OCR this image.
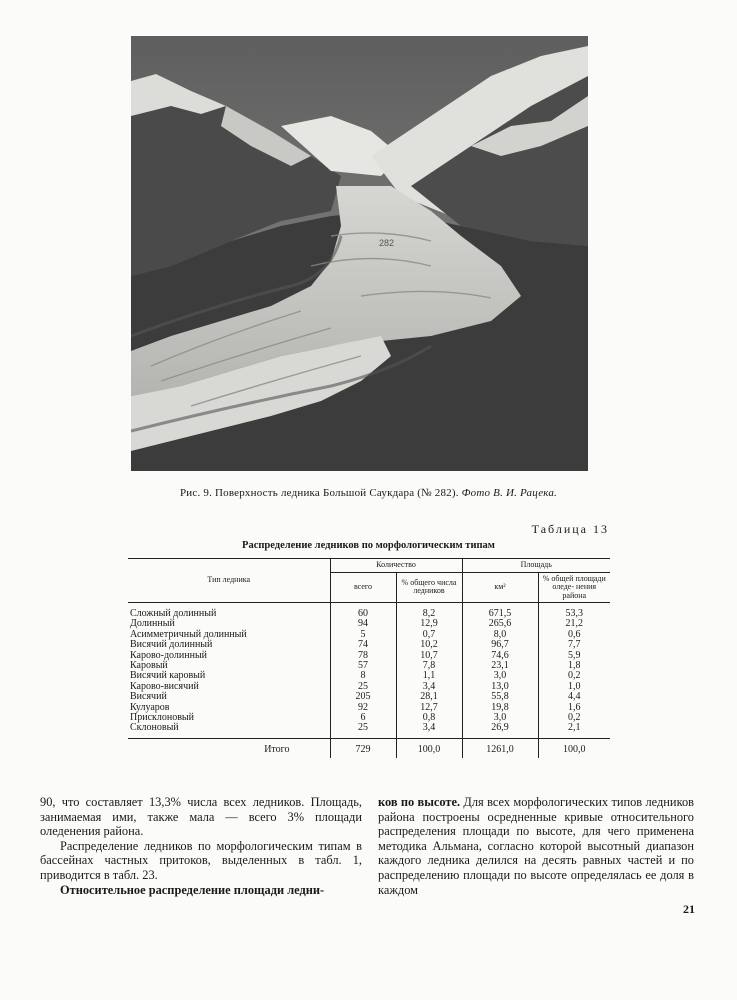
282
Рис. 9. Поверхность ледника Большой Саукдара (№ 282). Фото В. И. Рацека.
Таблица 13
Распределение ледников по морфологическим типам
Тип ледника	Количество		Площадь	
	всего	% общего числа ледников	км²	% общей площади оледе- нения района
Сложный долинный	60	8,2	671,5	53,3
Долинный	94	12,9	265,6	21,2
Асимметричный долинный	5	0,7	8,0	0,6
Висячий долинный	74	10,2	96,7	7,7
Карово-долинный	78	10,7	74,6	5,9
Каровый	57	7,8	23,1	1,8
Висячий каровый	8	1,1	3,0	0,2
Карово-висячий	25	3,4	13,0	1,0
Висячий	205	28,1	55,8	4,4
Кулуаров	92	12,7	19,8	1,6
Присклоновый	6	0,8	3,0	0,2
Склоновый	25	3,4	26,9	2,1
Итого	729	100,0	1261,0	100,0

90, что составляет 13,3% числа всех ледников. Площадь, занимаемая ими, также мала — всего 3% площади оледенения района.

Распределение ледников по морфологическим типам в бассейнах частных притоков, выделенных в табл. 1, приводится в табл. 23.

Относительное распределение площади ледни-

ков по высоте. Для всех морфологических типов ледников района построены осредненные кривые относительного распределения площади по высоте, для чего применена методика Альмана, согласно которой высотный диапазон каждого ледника делился на десять равных частей и по распределению площади по высоте определялась ее доля в каждом

21
